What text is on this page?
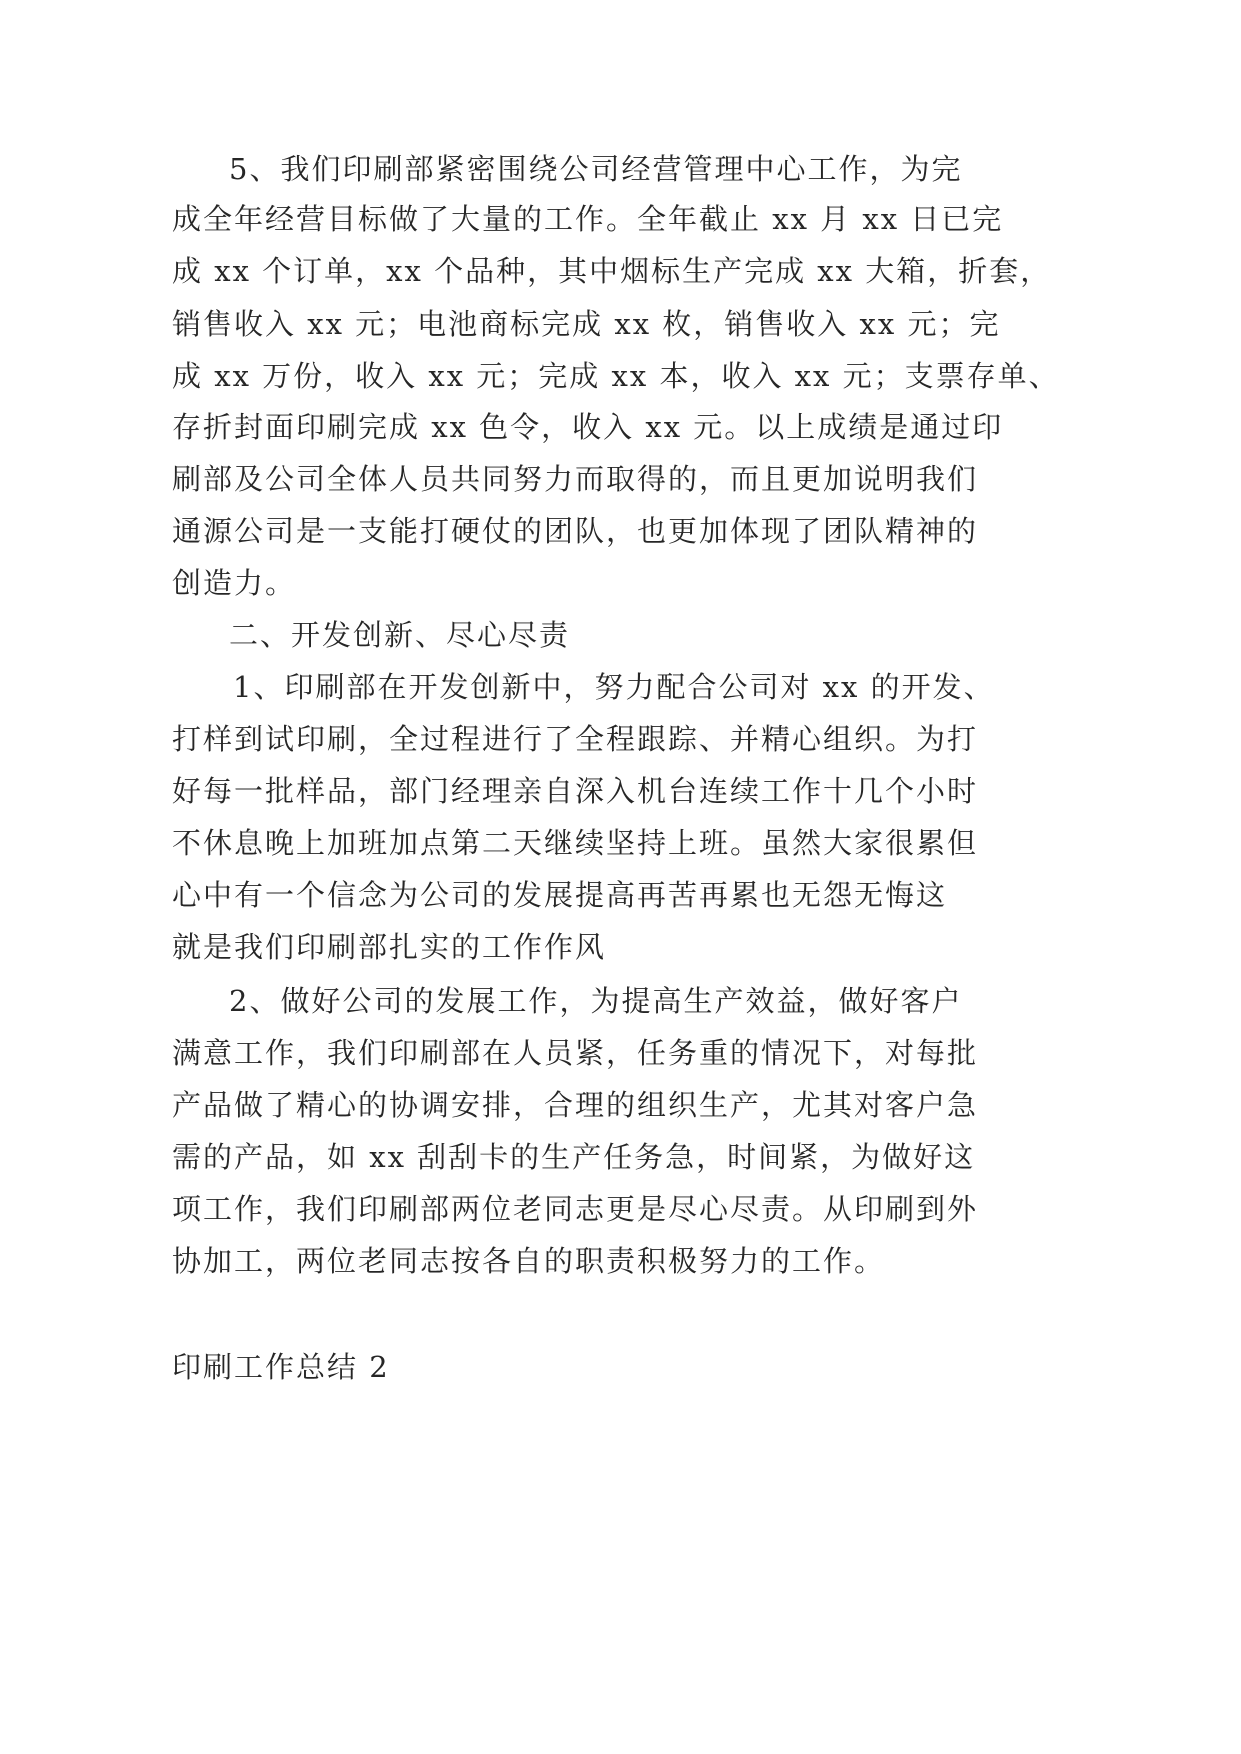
5、我们印刷部紧密围绕公司经营管理中心工作，为完
成全年经营目标做了大量的工作。全年截止 xx 月 xx 日已完
成 xx 个订单，xx 个品种，其中烟标生产完成 xx 大箱，折套，
销售收入 xx 元；电池商标完成 xx 枚，销售收入 xx 元；完
成 xx 万份，收入 xx 元；完成 xx 本，收入 xx 元；支票存单、
存折封面印刷完成 xx 色令，收入 xx 元。以上成绩是通过印
刷部及公司全体人员共同努力而取得的，而且更加说明我们
通源公司是一支能打硬仗的团队，也更加体现了团队精神的
创造力。
二、开发创新、尽心尽责
1、印刷部在开发创新中，努力配合公司对 xx 的开发、
打样到试印刷，全过程进行了全程跟踪、并精心组织。为打
好每一批样品，部门经理亲自深入机台连续工作十几个小时
不休息晚上加班加点第二天继续坚持上班。虽然大家很累但
心中有一个信念为公司的发展提高再苦再累也无怨无悔这
就是我们印刷部扎实的工作作风
2、做好公司的发展工作，为提高生产效益，做好客户
满意工作，我们印刷部在人员紧，任务重的情况下，对每批
产品做了精心的协调安排，合理的组织生产，尤其对客户急
需的产品，如 xx 刮刮卡的生产任务急，时间紧，为做好这
项工作，我们印刷部两位老同志更是尽心尽责。从印刷到外
协加工，两位老同志按各自的职责积极努力的工作。
印刷工作总结 2
